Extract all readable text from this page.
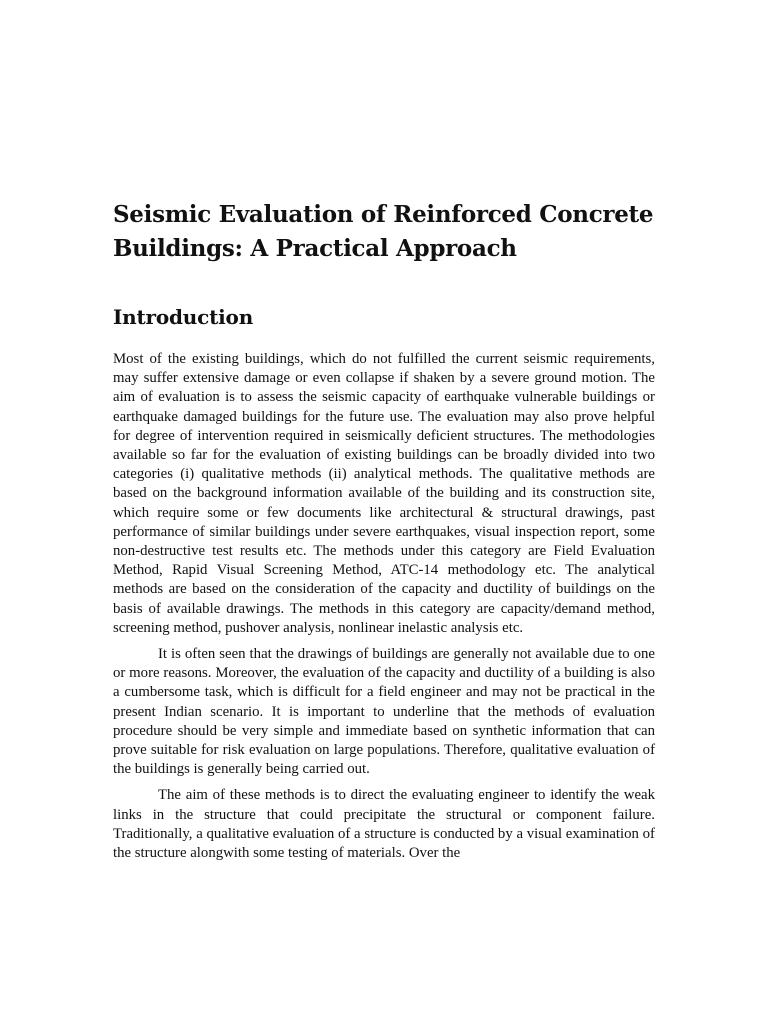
Seismic Evaluation of Reinforced Concrete Buildings: A Practical Approach
Introduction

Most of the existing buildings, which do not fulfilled the current seismic requirements, may suffer extensive damage or even collapse if shaken by a severe ground motion. The aim of evaluation is to assess the seismic capacity of earthquake vulnerable buildings or earthquake damaged buildings for the future use. The evaluation may also prove helpful for degree of intervention required in seismically deficient structures. The methodologies available so far for the evaluation of existing buildings can be broadly divided into two categories (i) qualitative methods (ii) analytical methods. The qualitative methods are based on the background information available of the building and its construction site, which require some or few documents like architectural & structural drawings, past performance of similar buildings under severe earthquakes, visual inspection report, some non-destructive test results etc. The methods under this category are Field Evaluation Method, Rapid Visual Screening Method, ATC-14 methodology etc. The analytical methods are based on the consideration of the capacity and ductility of buildings on the basis of available drawings. The methods in this category are capacity/demand method, screening method, pushover analysis, nonlinear inelastic analysis etc.

It is often seen that the drawings of buildings are generally not available due to one or more reasons. Moreover, the evaluation of the capacity and ductility of a building is also a cumbersome task, which is difficult for a field engineer and may not be practical in the present Indian scenario. It is important to underline that the methods of evaluation procedure should be very simple and immediate based on synthetic information that can prove suitable for risk evaluation on large populations. Therefore, qualitative evaluation of the buildings is generally being carried out.

The aim of these methods is to direct the evaluating engineer to identify the weak links in the structure that could precipitate the structural or component failure. Traditionally, a qualitative evaluation of a structure is conducted by a visual examination of the structure alongwith some testing of materials. Over the
